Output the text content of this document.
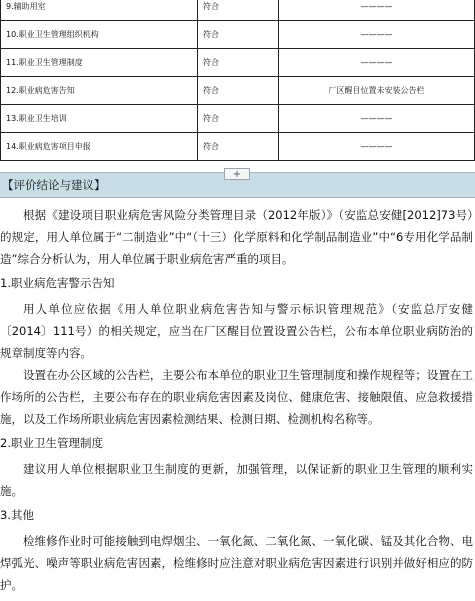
9.辅助用室	符合	————
10.职业卫生管理组织机构	符合	————
11.职业卫生管理制度	符合	————
12.职业病危害告知	符合	厂区醒目位置未安装公告栏
13.职业卫生培训	符合	————
14.职业病危害项目申报	符合	————
【评价结论与建议】
+

根据《建设项目职业病危害风险分类管理目录（2012年版）》（安监总安健[2012]73号）的规定，用人单位属于“二制造业”中“（十三）化学原料和化学制品制造业”中“6专用化学品制造”综合分析认为，用人单位属于职业病危害严重的项目。

1.职业病危害警示告知

用人单位应依据《用人单位职业病危害告知与警示标识管理规范》（安监总厅安健〔2014〕111号）的相关规定，应当在厂区醒目位置设置公告栏，公布本单位职业病防治的规章制度等内容。

设置在办公区域的公告栏，主要公布本单位的职业卫生管理制度和操作规程等；设置在工作场所的公告栏，主要公布存在的职业病危害因素及岗位、健康危害、接触限值、应急救援措施，以及工作场所职业病危害因素检测结果、检测日期、检测机构名称等。

2.职业卫生管理制度

建议用人单位根据职业卫生制度的更新，加强管理，以保证新的职业卫生管理的顺利实施。

3.其他

检维修作业时可能接触到电焊烟尘、一氧化氮、二氧化氮、一氧化碳、锰及其化合物、电焊弧光、噪声等职业病危害因素，检维修时应注意对职业病危害因素进行识别并做好相应的防护。
